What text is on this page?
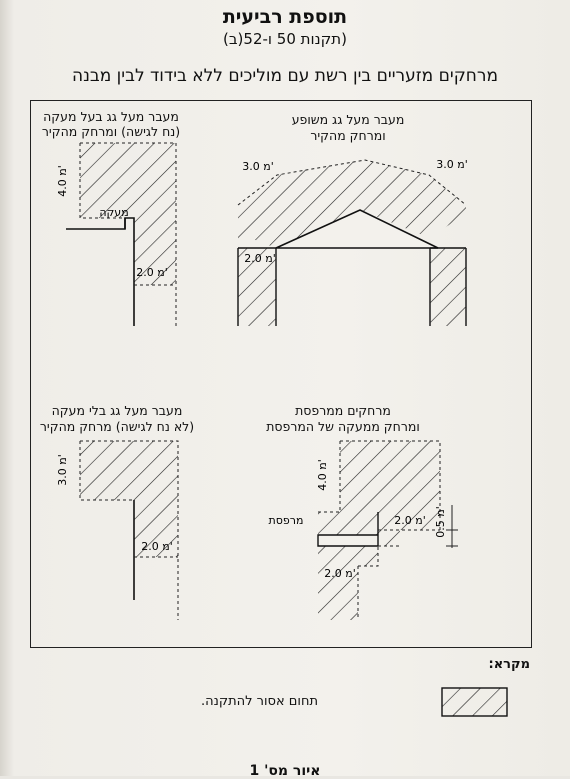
תוספת רביעית
(תקנות 50 ו-52(ב)
מרחקים מזעריים בין רשת עם מוליכים ללא בידוד לבין מבנה
מעבר מעל גג בעל מעקה
(נח לגישה) ומרחק מהקיר
מעבר מעל גג משופע
ומרחק מהקיר
מעבר מעל גג בלי מעקה
(לא נח לגישה) מרחק מהקיר
מרחקים ממרפסת
ומרחק ממעקה של המרפסת
4.0 מ'
מעקה
2.0 מ'
3.0 מ'	3.0 מ'
2.0 מ'
3.0 מ'
2.0 מ'
4.0 מ'
2.0 מ' 0.5 מ'
2.0 מ'
מרפסת
מקרא:
תחום אסור להתקנה.
איור מס' 1
